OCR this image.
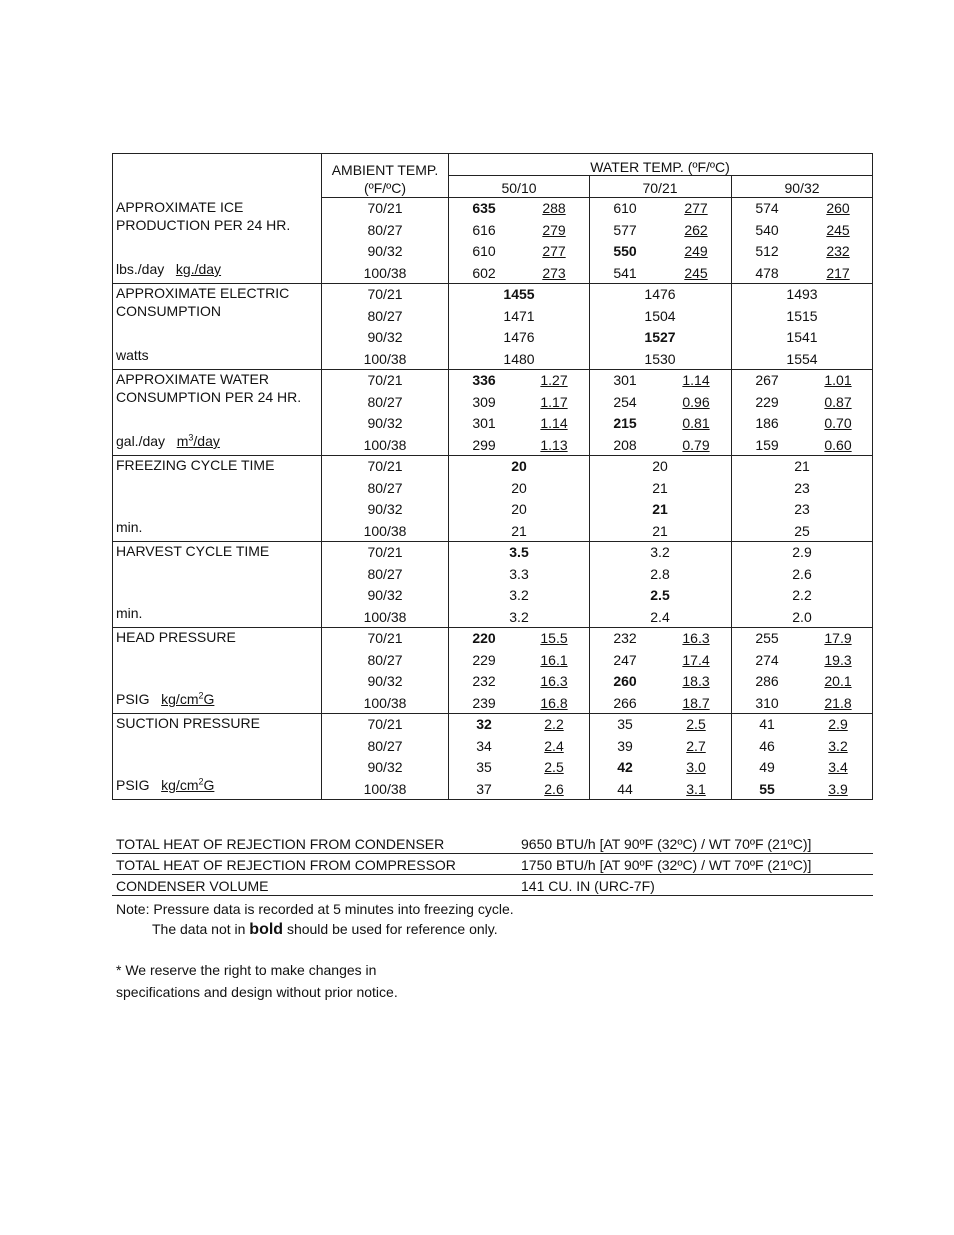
AMBIENT TEMP.
(ºF/ºC)
WATER TEMP. (ºF/ºC)
50/10	70/21	90/32
APPROXIMATE ICE
PRODUCTION PER 24 HR.
lbs./day kg./day
70/21	635	288	610	277	574	260
80/27	616	279	577	262	540	245
90/32	610	277	550	249	512	232
100/38	602	273	541	245	478	217
APPROXIMATE ELECTRIC
CONSUMPTION
watts
70/21	1455	1476	1493
80/27	1471	1504	1515
90/32	1476	1527	1541
100/38	1480	1530	1554
APPROXIMATE WATER
CONSUMPTION PER 24 HR.
gal./day $m^3$/day
70/21	336	1.27	301	1.14	267	1.01
80/27	309	1.17	254	0.96	229	0.87
90/32	301	1.14	215	0.81	186	0.70
100/38	299	1.13	208	0.79	159	0.60
FREEZING CYCLE TIME
min.
70/21	20	20	21
80/27	20	21	23
90/32	20	21	23
100/38	21	21	25
HARVEST CYCLE TIME
min.
70/21	3.5	3.2	2.9
80/27	3.3	2.8	2.6
90/32	3.2	2.5	2.2
100/38	3.2	2.4	2.0
HEAD PRESSURE
PSIG $kg/cm^2G$
70/21	220	15.5	232	16.3	255	17.9
80/27	229	16.1	247	17.4	274	19.3
90/32	232	16.3	260	18.3	286	20.1
100/38	239	16.8	266	18.7	310	21.8
SUCTION PRESSURE
PSIG $kg/cm^2G$
70/21	32	2.2	35	2.5	41	2.9
80/27	34	2.4	39	2.7	46	3.2
90/32	35	2.5	42	3.0	49	3.4
100/38	37	2.6	44	3.1	55	3.9
TOTAL HEAT OF REJECTION FROM CONDENSER	9650 BTU/h [AT 90ºF (32ºC) / WT 70ºF (21ºC)]
TOTAL HEAT OF REJECTION FROM COMPRESSOR	1750 BTU/h [AT 90ºF (32ºC) / WT 70ºF (21ºC)]
CONDENSER VOLUME	141 CU. IN (URC-7F)
Note: Pressure data is recorded at 5 minutes into freezing cycle.
The data not in bold should be used for reference only.
* We reserve the right to make changes in
specifications and design without prior notice.
